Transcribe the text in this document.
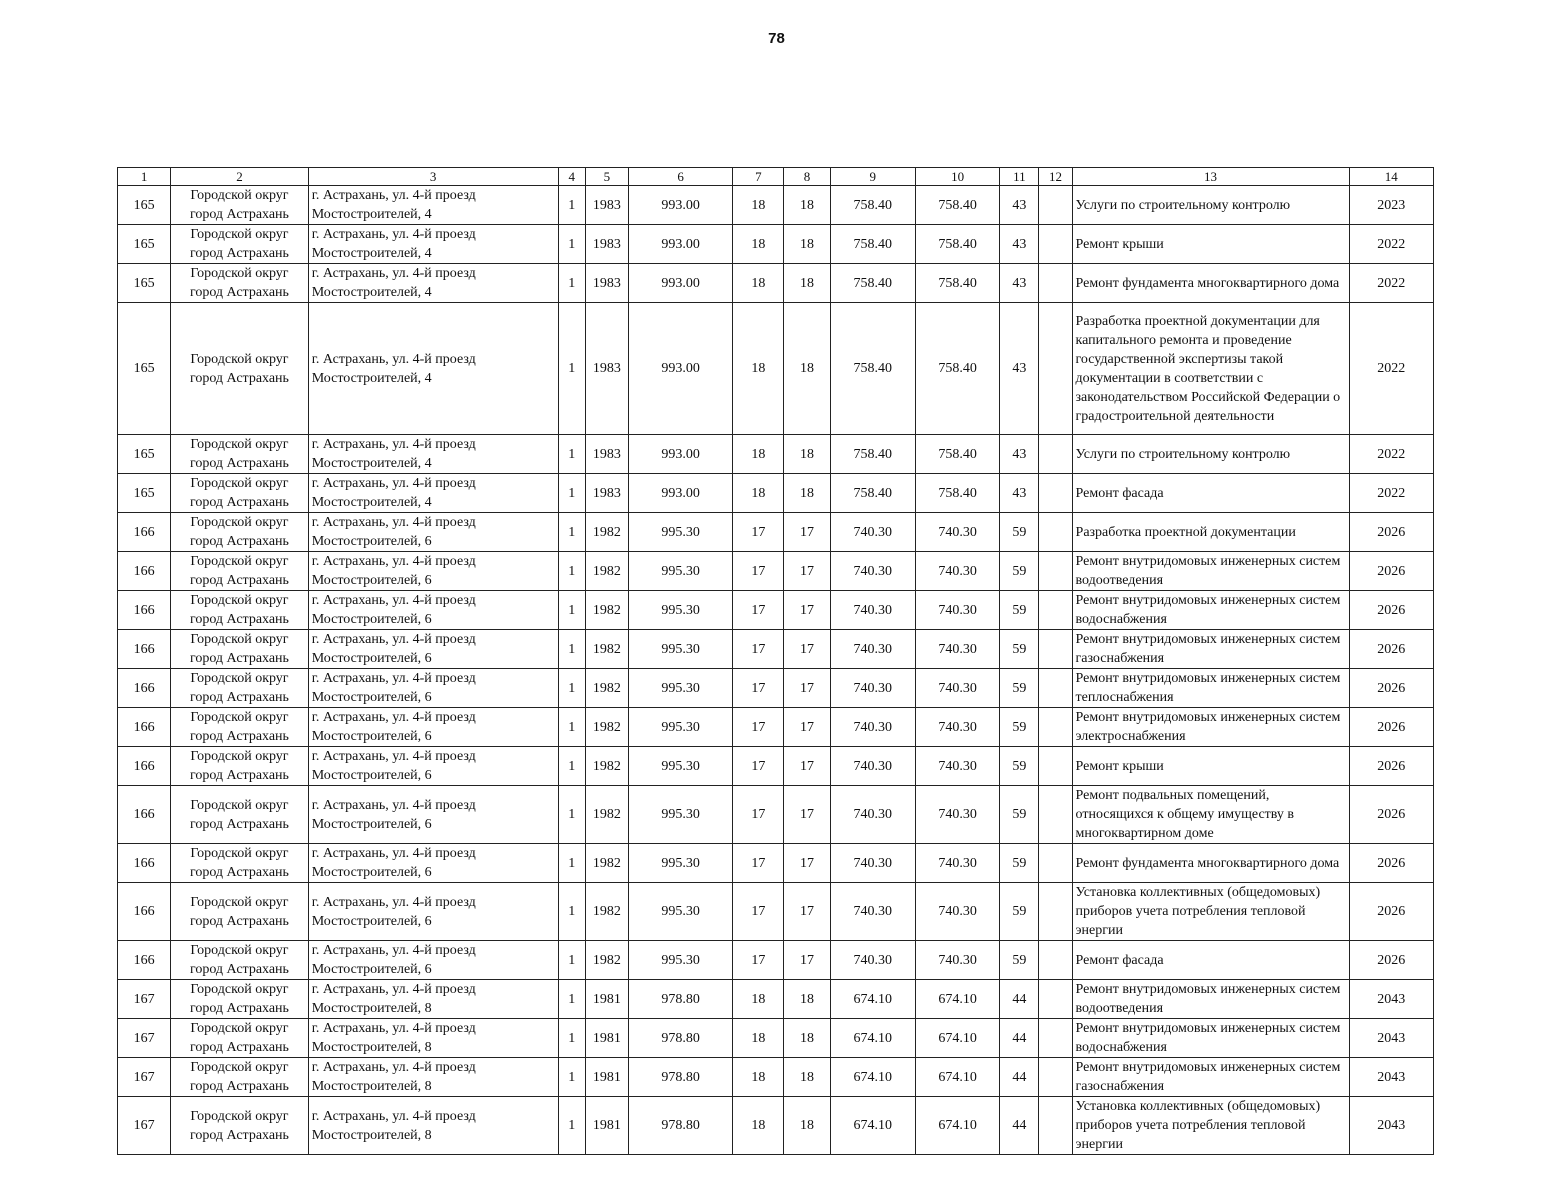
78
1	2	3	4	5	6	7	8	9	10	11	12	13	14
165	Городской округ город Астрахань	г. Астрахань, ул. 4-й проезд Мостостроителей, 4	1	1983	993.00	18	18	758.40	758.40	43		Услуги по строительному контролю	2023
165	Городской округ город Астрахань	г. Астрахань, ул. 4-й проезд Мостостроителей, 4	1	1983	993.00	18	18	758.40	758.40	43		Ремонт крыши	2022
165	Городской округ город Астрахань	г. Астрахань, ул. 4-й проезд Мостостроителей, 4	1	1983	993.00	18	18	758.40	758.40	43		Ремонт фундамента многоквартирного дома	2022
165	Городской округ город Астрахань	г. Астрахань, ул. 4-й проезд Мостостроителей, 4	1	1983	993.00	18	18	758.40	758.40	43		Разработка проектной документации для капитального ремонта и проведение государственной экспертизы такой документации в соответствии с законодательством Российской Федерации о градостроительной деятельности	2022
165	Городской округ город Астрахань	г. Астрахань, ул. 4-й проезд Мостостроителей, 4	1	1983	993.00	18	18	758.40	758.40	43		Услуги по строительному контролю	2022
165	Городской округ город Астрахань	г. Астрахань, ул. 4-й проезд Мостостроителей, 4	1	1983	993.00	18	18	758.40	758.40	43		Ремонт фасада	2022
166	Городской округ город Астрахань	г. Астрахань, ул. 4-й проезд Мостостроителей, 6	1	1982	995.30	17	17	740.30	740.30	59		Разработка проектной документации	2026
166	Городской округ город Астрахань	г. Астрахань, ул. 4-й проезд Мостостроителей, 6	1	1982	995.30	17	17	740.30	740.30	59		Ремонт внутридомовых инженерных систем водоотведения	2026
166	Городской округ город Астрахань	г. Астрахань, ул. 4-й проезд Мостостроителей, 6	1	1982	995.30	17	17	740.30	740.30	59		Ремонт внутридомовых инженерных систем водоснабжения	2026
166	Городской округ город Астрахань	г. Астрахань, ул. 4-й проезд Мостостроителей, 6	1	1982	995.30	17	17	740.30	740.30	59		Ремонт внутридомовых инженерных систем газоснабжения	2026
166	Городской округ город Астрахань	г. Астрахань, ул. 4-й проезд Мостостроителей, 6	1	1982	995.30	17	17	740.30	740.30	59		Ремонт внутридомовых инженерных систем теплоснабжения	2026
166	Городской округ город Астрахань	г. Астрахань, ул. 4-й проезд Мостостроителей, 6	1	1982	995.30	17	17	740.30	740.30	59		Ремонт внутридомовых инженерных систем электроснабжения	2026
166	Городской округ город Астрахань	г. Астрахань, ул. 4-й проезд Мостостроителей, 6	1	1982	995.30	17	17	740.30	740.30	59		Ремонт крыши	2026
166	Городской округ город Астрахань	г. Астрахань, ул. 4-й проезд Мостостроителей, 6	1	1982	995.30	17	17	740.30	740.30	59		Ремонт подвальных помещений, относящихся к общему имуществу в многоквартирном доме	2026
166	Городской округ город Астрахань	г. Астрахань, ул. 4-й проезд Мостостроителей, 6	1	1982	995.30	17	17	740.30	740.30	59		Ремонт фундамента многоквартирного дома	2026
166	Городской округ город Астрахань	г. Астрахань, ул. 4-й проезд Мостостроителей, 6	1	1982	995.30	17	17	740.30	740.30	59		Установка коллективных (общедомовых) приборов учета потребления тепловой энергии	2026
166	Городской округ город Астрахань	г. Астрахань, ул. 4-й проезд Мостостроителей, 6	1	1982	995.30	17	17	740.30	740.30	59		Ремонт фасада	2026
167	Городской округ город Астрахань	г. Астрахань, ул. 4-й проезд Мостостроителей, 8	1	1981	978.80	18	18	674.10	674.10	44		Ремонт внутридомовых инженерных систем водоотведения	2043
167	Городской округ город Астрахань	г. Астрахань, ул. 4-й проезд Мостостроителей, 8	1	1981	978.80	18	18	674.10	674.10	44		Ремонт внутридомовых инженерных систем водоснабжения	2043
167	Городской округ город Астрахань	г. Астрахань, ул. 4-й проезд Мостостроителей, 8	1	1981	978.80	18	18	674.10	674.10	44		Ремонт внутридомовых инженерных систем газоснабжения	2043
167	Городской округ город Астрахань	г. Астрахань, ул. 4-й проезд Мостостроителей, 8	1	1981	978.80	18	18	674.10	674.10	44		Установка коллективных (общедомовых) приборов учета потребления тепловой энергии	2043
